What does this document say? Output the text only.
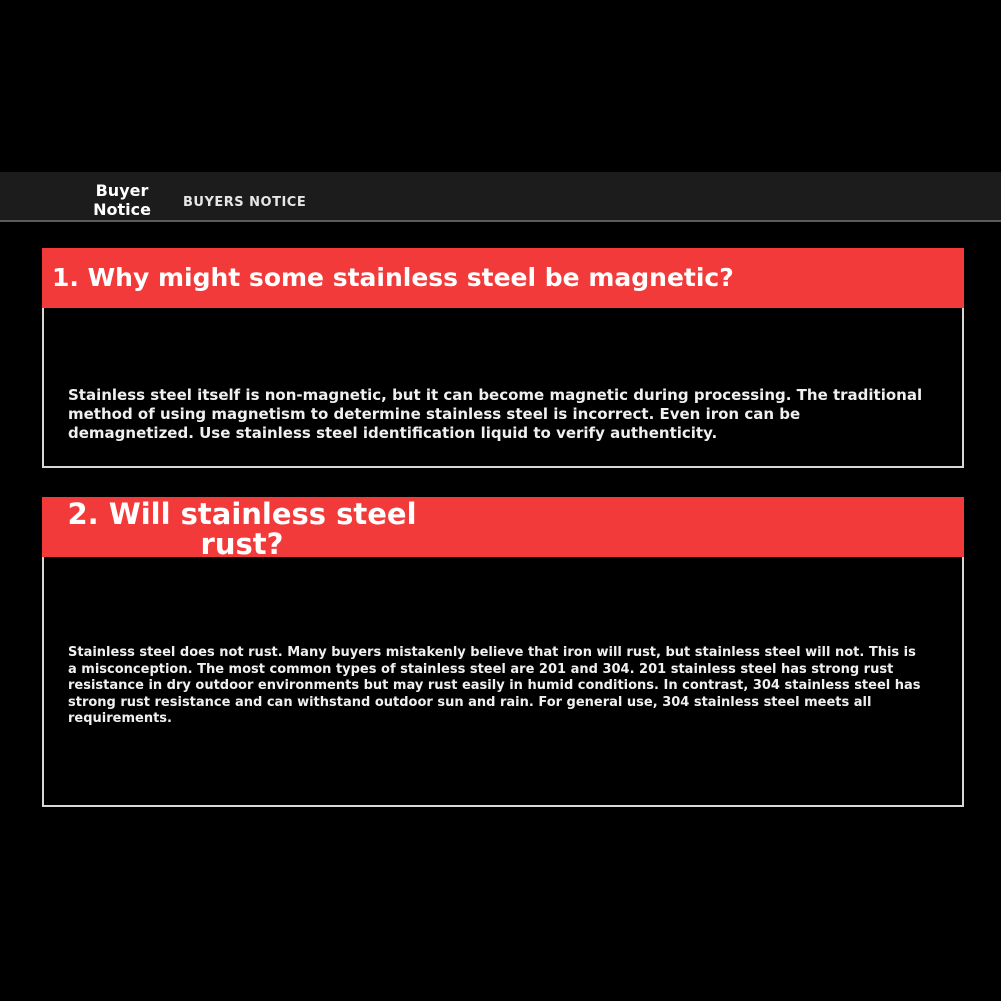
Buyer Notice BUYERS NOTICE
1. Why might some stainless steel be magnetic?
Stainless steel itself is non-magnetic, but it can become magnetic during processing. The traditional method of using magnetism to determine stainless steel is incorrect. Even iron can be demagnetized. Use stainless steel identification liquid to verify authenticity.
2. Will stainless steel rust?
Stainless steel does not rust. Many buyers mistakenly believe that iron will rust, but stainless steel will not. This is a misconception. The most common types of stainless steel are 201 and 304. 201 stainless steel has strong rust resistance in dry outdoor environments but may rust easily in humid conditions. In contrast, 304 stainless steel has strong rust resistance and can withstand outdoor sun and rain. For general use, 304 stainless steel meets all requirements.
